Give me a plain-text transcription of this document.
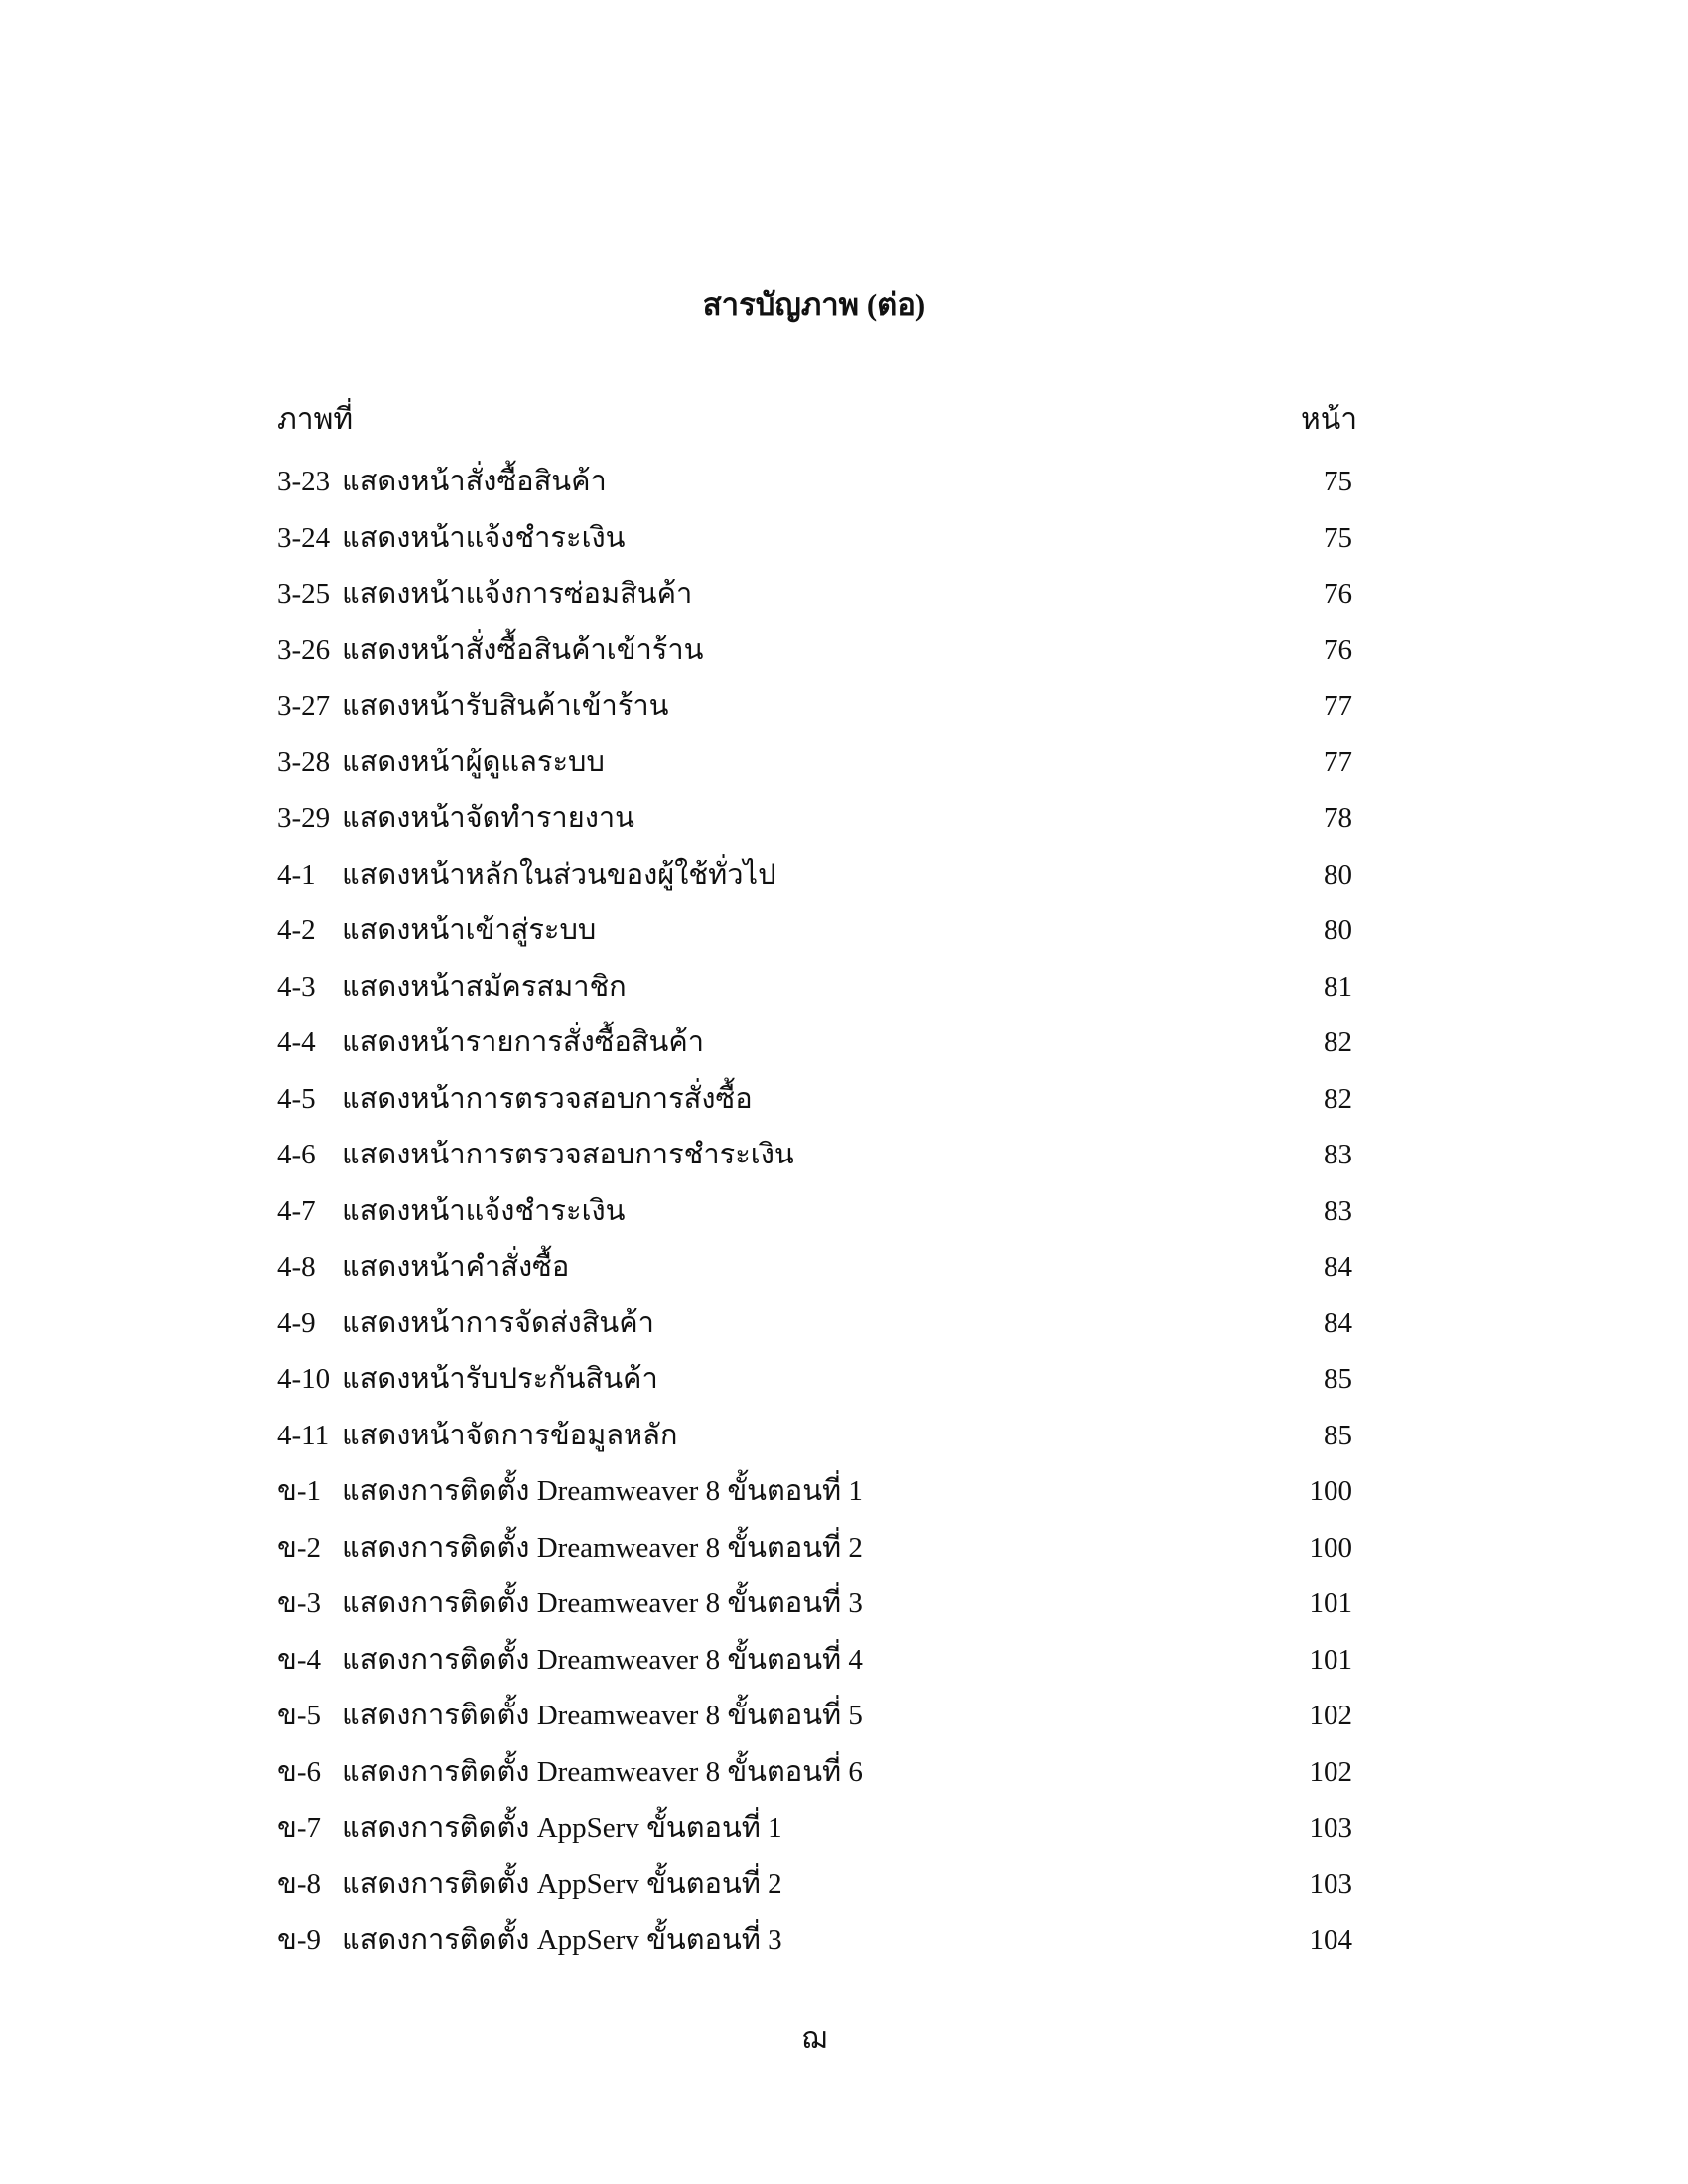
สารบัญภาพ (ต่อ)
ภาพที่	หน้า
3-23 แสดงหน้าสั่งซื้อสินค้า	75
3-24 แสดงหน้าแจ้งชำระเงิน	75
3-25 แสดงหน้าแจ้งการซ่อมสินค้า	76
3-26 แสดงหน้าสั่งซื้อสินค้าเข้าร้าน	76
3-27 แสดงหน้ารับสินค้าเข้าร้าน	77
3-28 แสดงหน้าผู้ดูแลระบบ	77
3-29 แสดงหน้าจัดทำรายงาน	78
4-1 แสดงหน้าหลักในส่วนของผู้ใช้ทั่วไป	80
4-2 แสดงหน้าเข้าสู่ระบบ	80
4-3 แสดงหน้าสมัครสมาชิก	81
4-4 แสดงหน้ารายการสั่งซื้อสินค้า	82
4-5 แสดงหน้าการตรวจสอบการสั่งซื้อ	82
4-6 แสดงหน้าการตรวจสอบการชำระเงิน	83
4-7 แสดงหน้าแจ้งชำระเงิน	83
4-8 แสดงหน้าคำสั่งซื้อ	84
4-9 แสดงหน้าการจัดส่งสินค้า	84
4-10 แสดงหน้ารับประกันสินค้า	85
4-11 แสดงหน้าจัดการข้อมูลหลัก	85
ข-1 แสดงการติดตั้ง Dreamweaver 8 ขั้นตอนที่ 1	100
ข-2 แสดงการติดตั้ง Dreamweaver 8 ขั้นตอนที่ 2	100
ข-3 แสดงการติดตั้ง Dreamweaver 8 ขั้นตอนที่ 3	101
ข-4 แสดงการติดตั้ง Dreamweaver 8 ขั้นตอนที่ 4	101
ข-5 แสดงการติดตั้ง Dreamweaver 8 ขั้นตอนที่ 5	102
ข-6 แสดงการติดตั้ง Dreamweaver 8 ขั้นตอนที่ 6	102
ข-7 แสดงการติดตั้ง AppServ ขั้นตอนที่ 1	103
ข-8 แสดงการติดตั้ง AppServ ขั้นตอนที่ 2	103
ข-9 แสดงการติดตั้ง AppServ ขั้นตอนที่ 3	104
ฌ
